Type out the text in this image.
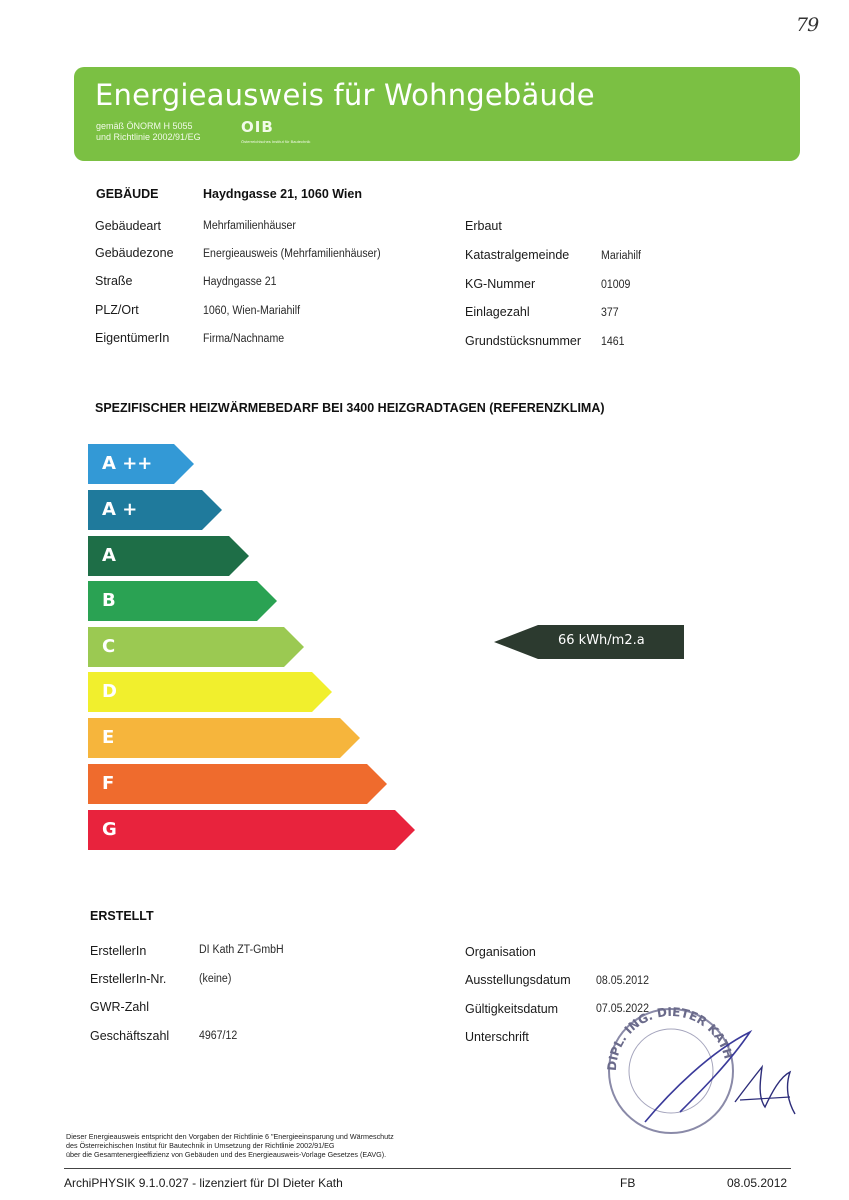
79
Energieausweis für Wohngebäude
gemäß ÖNORM H 5055
und Richtlinie 2002/91/EG
OIB
Österreichisches Institut für Bautechnik
GEBÄUDE	Haydngasse 21, 1060 Wien
Gebäudeart	Mehrfamilienhäuser
Gebäudezone	Energieausweis (Mehrfamilienhäuser)
Straße	Haydngasse 21
PLZ/Ort	1060, Wien-Mariahilf
EigentümerIn	Firma/Nachname
Erbaut
Katastralgemeinde	Mariahilf
KG-Nummer	01009
Einlagezahl	377
Grundstücksnummer 1461
SPEZIFISCHER HEIZWÄRMEBEDARF BEI 3400 HEIZGRADTAGEN (REFERENZKLIMA)
A ++
A +
A
B
C
D
E
F
G
66 kWh/m2.a
ERSTELLT
ErstellerIn	DI Kath ZT-GmbH
ErstellerIn-Nr.	(keine)
GWR-Zahl
Geschäftszahl	4967/12
Organisation
Ausstellungsdatum 08.05.2012
Gültigkeitsdatum	07.05.2022
Unterschrift
DIPL. ING. DIETER KATH
Dieser Energieausweis entspricht den Vorgaben der Richtlinie 6 "Energieeinsparung und Wärmeschutz
des Österreichischen Institut für Bautechnik in Umsetzung der Richtlinie 2002/91/EG
über die Gesamtenergieeffizienz von Gebäuden und des Energieausweis-Vorlage Gesetzes (EAVG).
ArchiPHYSIK 9.1.0.027 - lizenziert für DI Dieter Kath	FB	08.05.2012
